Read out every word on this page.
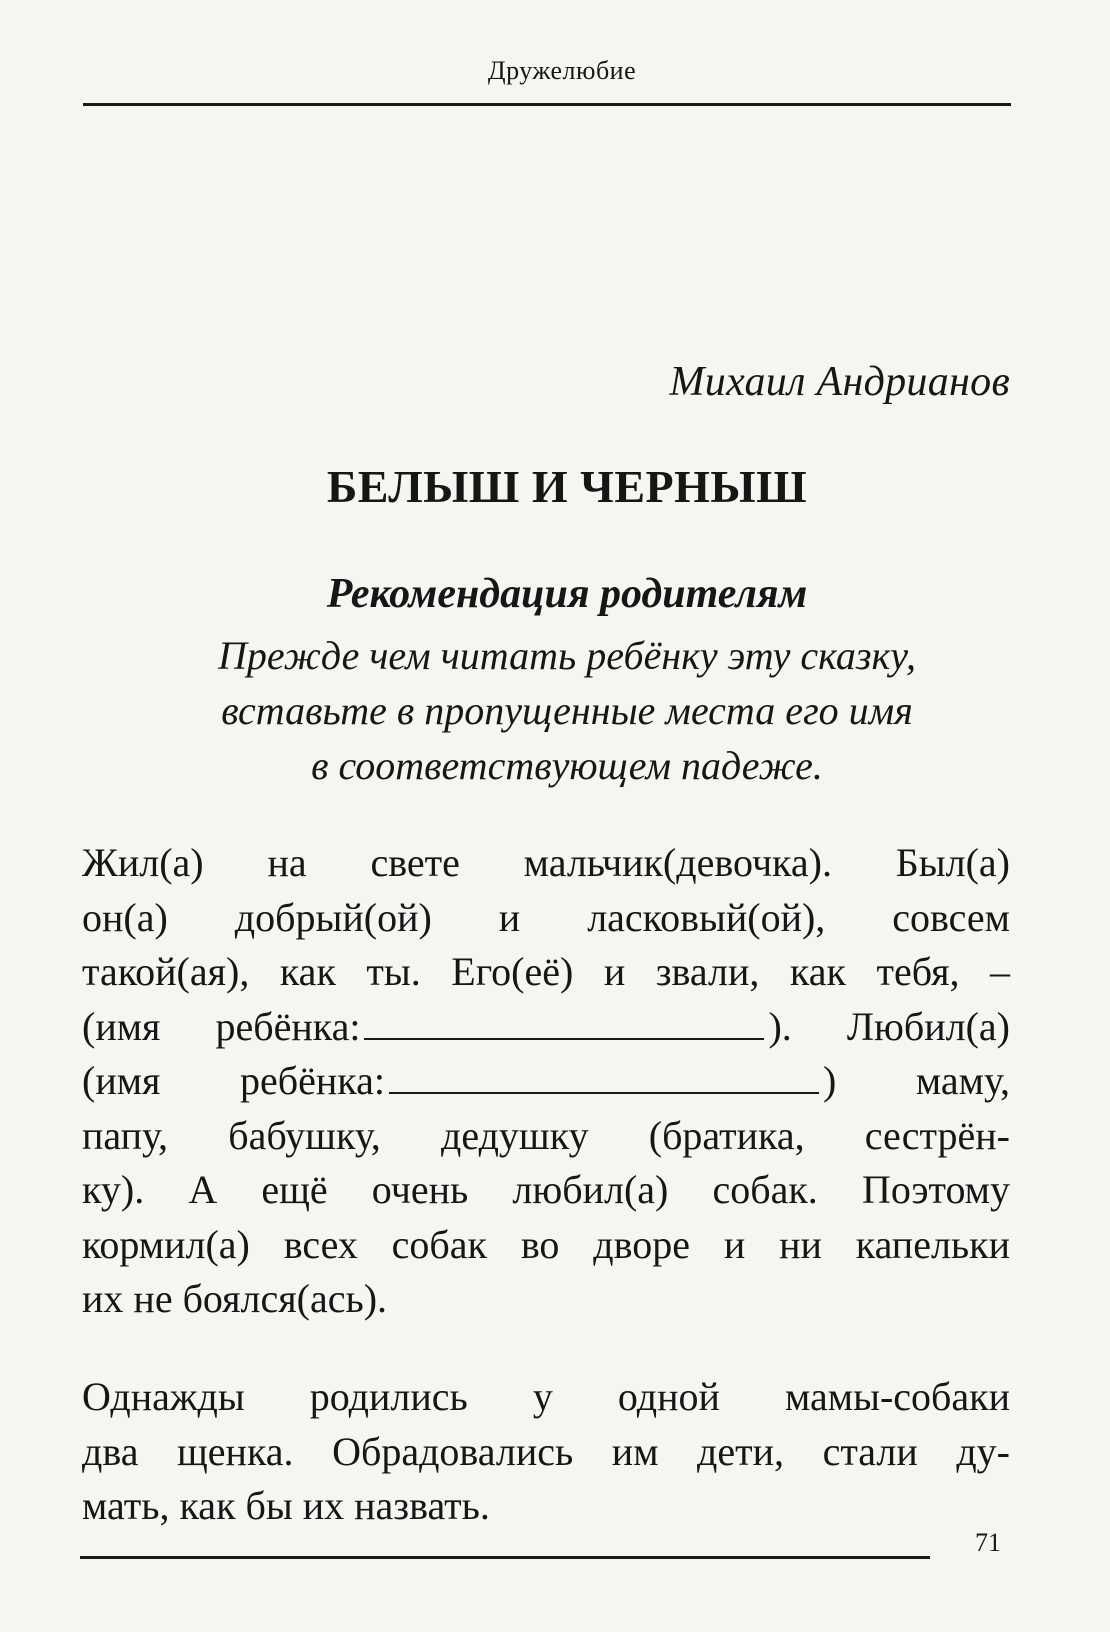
Дружелюбие
Михаил Андрианов
БЕЛЫШ И ЧЕРНЫШ
Рекомендация родителям
Прежде чем читать ребёнку эту сказку,
вставьте в пропущенные места его имя
в соответствующем падеже.
Жил(а) на свете мальчик(девочка). Был(а)
он(а) добрый(ой) и ласковый(ой), совсем
такой(ая), как ты. Его(её) и звали, как тебя, –
(имя ребёнка:	). Любил(а)
(имя ребёнка:	) маму,
папу, бабушку, дедушку (братика, сестрён-
ку). А ещё очень любил(а) собак. Поэтому
кормил(а) всех собак во дворе и ни капельки
их не боялся(ась).
Однажды родились у одной мамы-собаки
два щенка. Обрадовались им дети, стали ду-
мать, как бы их назвать.
71
